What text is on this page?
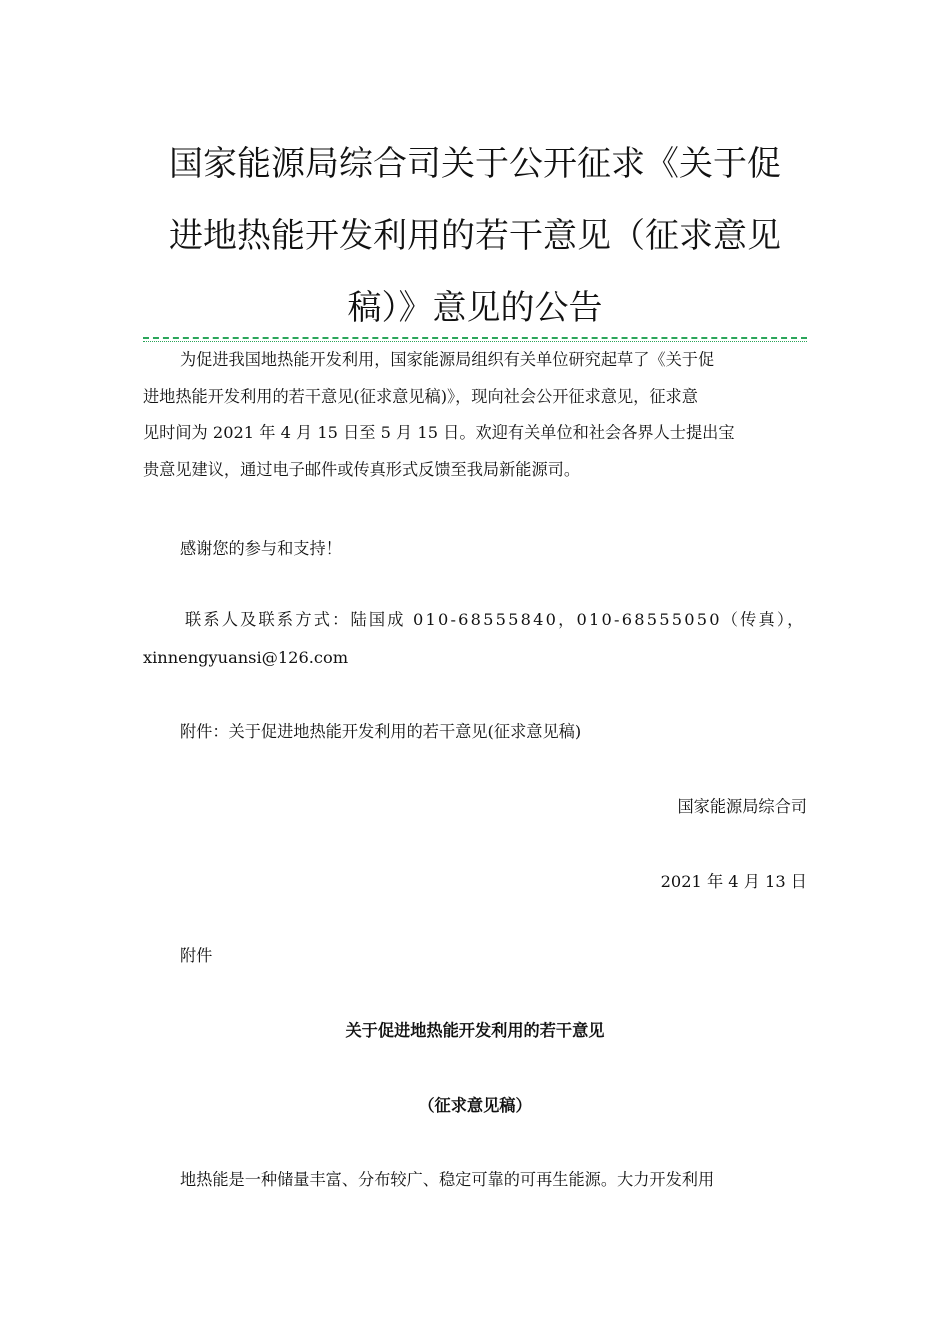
国家能源局综合司关于公开征求《关于促
进地热能开发利用的若干意见（征求意见
稿）》意见的公告
为促进我国地热能开发利用，国家能源局组织有关单位研究起草了《关于促
进地热能开发利用的若干意见(征求意见稿)》，现向社会公开征求意见，征求意
见时间为 2021 年 4 月 15 日至 5 月 15 日。欢迎有关单位和社会各界人士提出宝
贵意见建议，通过电子邮件或传真形式反馈至我局新能源司。
感谢您的参与和支持！
联系人及联系方式：陆国成 010-68555840，010-68555050（传真），
xinnengyuansi@126.com
附件：关于促进地热能开发利用的若干意见(征求意见稿)
国家能源局综合司
2021 年 4 月 13 日
附件
关于促进地热能开发利用的若干意见
（征求意见稿）
地热能是一种储量丰富、分布较广、稳定可靠的可再生能源。大力开发利用
